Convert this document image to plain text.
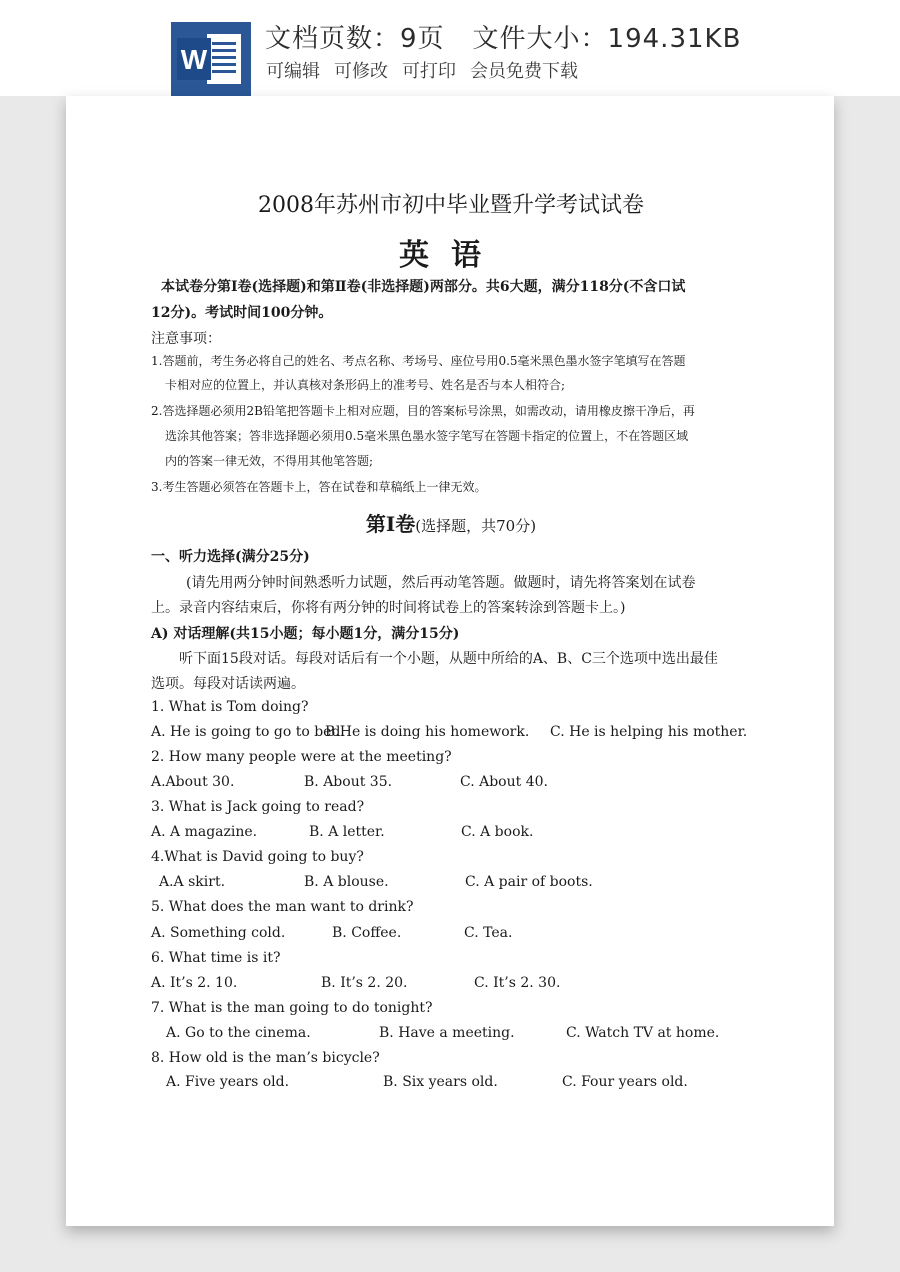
W
文档页数：9页 文件大小：194.31KB
可编辑 可修改 可打印 会员免费下载
2008年苏州市初中毕业暨升学考试试卷
英语
本试卷分第Ⅰ卷(选择题)和第Ⅱ卷(非选择题)两部分。共6大题，满分118分(不含口试
12分)。考试时间100分钟。
注意事项：
1.答题前，考生务必将自己的姓名、考点名称、考场号、座位号用0.5毫米黑色墨水签字笔填写在答题
卡相对应的位置上，并认真核对条形码上的准考号、姓名是否与本人相符合;
2.答选择题必须用2B铅笔把答题卡上相对应题，目的答案标号涂黑，如需改动，请用橡皮擦干净后，再
选涂其他答案；答非选择题必须用0.5毫米黑色墨水签字笔写在答题卡指定的位置上，不在答题区域
内的答案一律无效，不得用其他笔答题;
3.考生答题必须答在答题卡上，答在试卷和草稿纸上一律无效。
第Ⅰ卷(选择题，共70分)
一、听力选择(满分25分)
(请先用两分钟时间熟悉听力试题，然后再动笔答题。做题时，请先将答案划在试卷
上。录音内容结束后，你将有两分钟的时间将试卷上的答案转涂到答题卡上。)
A) 对话理解(共15小题；每小题1分，满分15分)
听下面15段对话。每段对话后有一个小题，从题中所给的A、B、C三个选项中选出最佳
选项。每段对话读两遍。
1. What is Tom doing?
A. He is going to go to bed.
B.He is doing his homework. C. He is helping his mother.
2. How many people were at the meeting?
A.About 30.	B. About 35.	C. About 40.
3. What is Jack going to read?
A. A magazine.	B. A letter.	C. A book.
4.What is David going to buy?
A.A skirt.	B. A blouse.	C. A pair of boots.
5. What does the man want to drink?
A. Something cold.	B. Coffee.	C. Tea.
6. What time is it?
A. It’s 2. 10.	B. It’s 2. 20.	C. It’s 2. 30.
7. What is the man going to do tonight?
A. Go to the cinema.	B. Have a meeting.	C. Watch TV at home.
8. How old is the man’s bicycle?
A. Five years old.	B. Six years old.	C. Four years old.
